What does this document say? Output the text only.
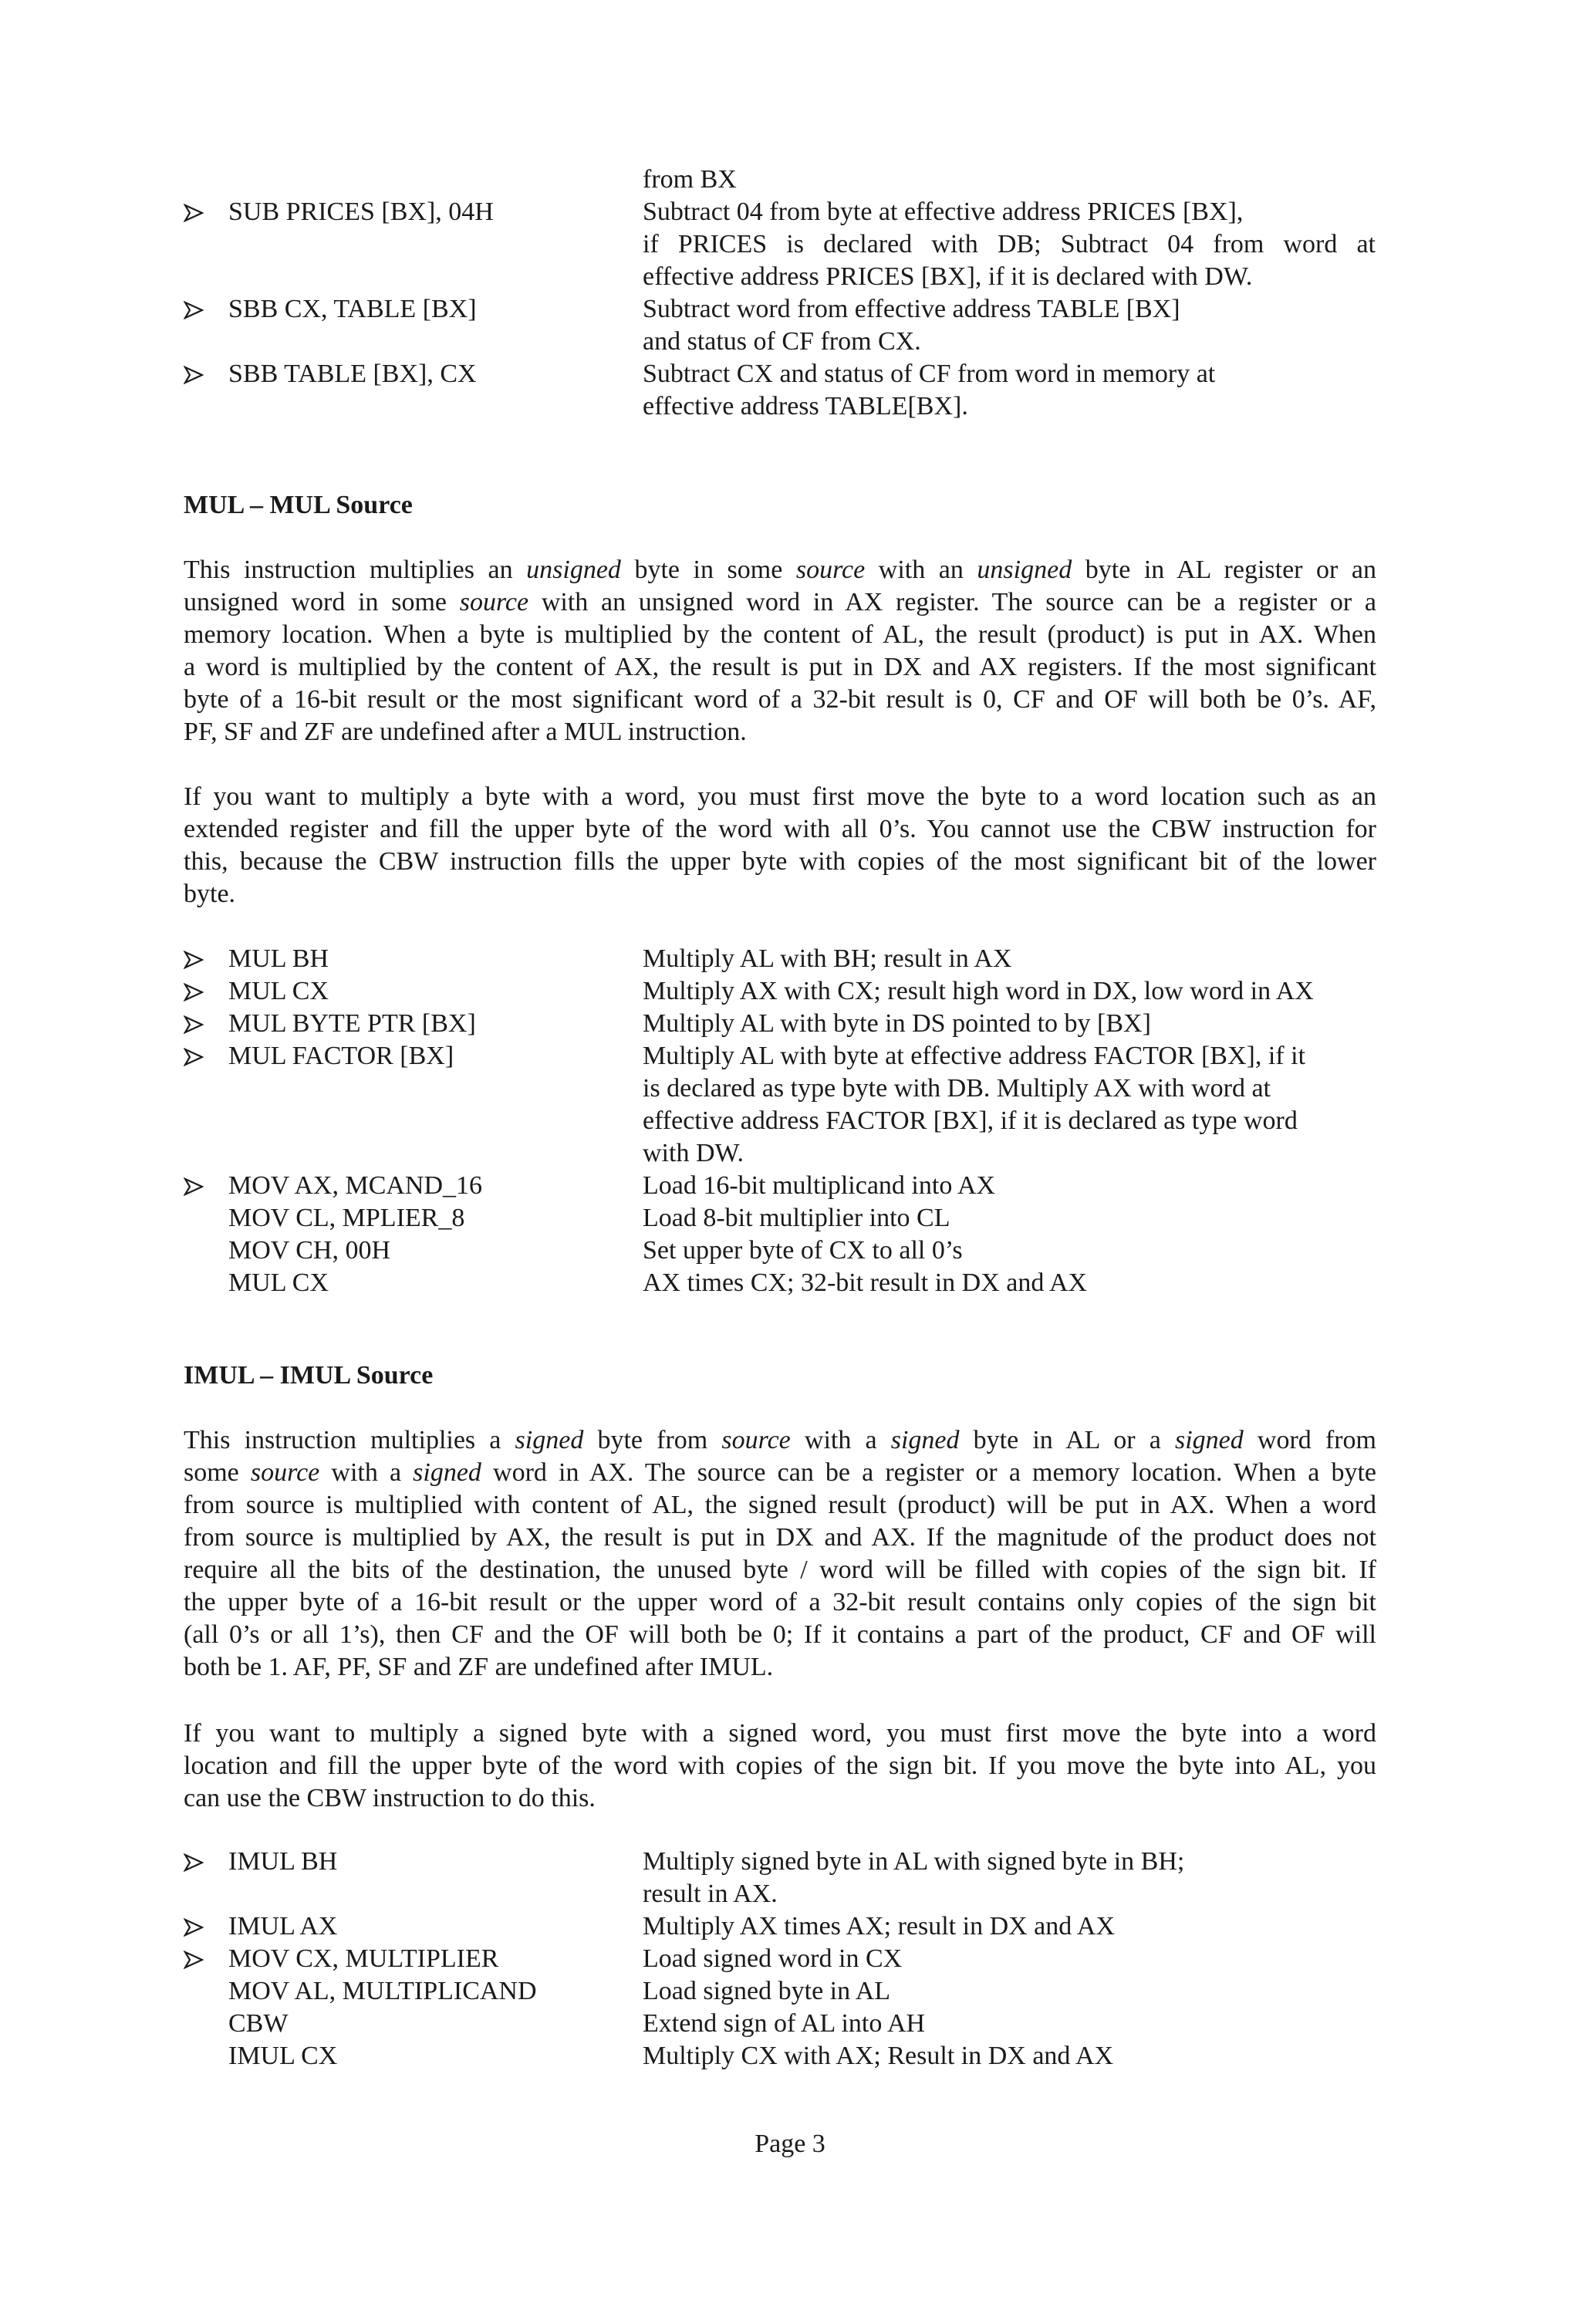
from BX
SUB PRICES [BX], 04H	Subtract 04 from byte at effective address PRICES [BX],
if PRICES is declared with DB; Subtract 04 from word at
effective address PRICES [BX], if it is declared with DW.
SBB CX, TABLE [BX]	Subtract word from effective address TABLE [BX]
and status of CF from CX.
SBB TABLE [BX], CX	Subtract CX and status of CF from word in memory at
effective address TABLE[BX].
MUL – MUL Source
This instruction multiplies an unsigned byte in some source with an unsigned byte in AL register or an
unsigned word in some source with an unsigned word in AX register. The source can be a register or a
memory location. When a byte is multiplied by the content of AL, the result (product) is put in AX. When
a word is multiplied by the content of AX, the result is put in DX and AX registers. If the most significant
byte of a 16-bit result or the most significant word of a 32-bit result is 0, CF and OF will both be 0’s. AF,
PF, SF and ZF are undefined after a MUL instruction.
If you want to multiply a byte with a word, you must first move the byte to a word location such as an
extended register and fill the upper byte of the word with all 0’s. You cannot use the CBW instruction for
this, because the CBW instruction fills the upper byte with copies of the most significant bit of the lower
byte.
MUL BH	Multiply AL with BH; result in AX
MUL CX	Multiply AX with CX; result high word in DX, low word in AX
MUL BYTE PTR [BX]	Multiply AL with byte in DS pointed to by [BX]
MUL FACTOR [BX]	Multiply AL with byte at effective address FACTOR [BX], if it
is declared as type byte with DB. Multiply AX with word at
effective address FACTOR [BX], if it is declared as type word
with DW.
MOV AX, MCAND_16	Load 16-bit multiplicand into AX
MOV CL, MPLIER_8	Load 8-bit multiplier into CL
MOV CH, 00H	Set upper byte of CX to all 0’s
MUL CX	AX times CX; 32-bit result in DX and AX
IMUL – IMUL Source
This instruction multiplies a signed byte from source with a signed byte in AL or a signed word from
some source with a signed word in AX. The source can be a register or a memory location. When a byte
from source is multiplied with content of AL, the signed result (product) will be put in AX. When a word
from source is multiplied by AX, the result is put in DX and AX. If the magnitude of the product does not
require all the bits of the destination, the unused byte / word will be filled with copies of the sign bit. If
the upper byte of a 16-bit result or the upper word of a 32-bit result contains only copies of the sign bit
(all 0’s or all 1’s), then CF and the OF will both be 0; If it contains a part of the product, CF and OF will
both be 1. AF, PF, SF and ZF are undefined after IMUL.
If you want to multiply a signed byte with a signed word, you must first move the byte into a word
location and fill the upper byte of the word with copies of the sign bit. If you move the byte into AL, you
can use the CBW instruction to do this.
IMUL BH	Multiply signed byte in AL with signed byte in BH;
result in AX.
IMUL AX	Multiply AX times AX; result in DX and AX
MOV CX, MULTIPLIER	Load signed word in CX
MOV AL, MULTIPLICAND	Load signed byte in AL
CBW	Extend sign of AL into AH
IMUL CX	Multiply CX with AX; Result in DX and AX
Page 3
